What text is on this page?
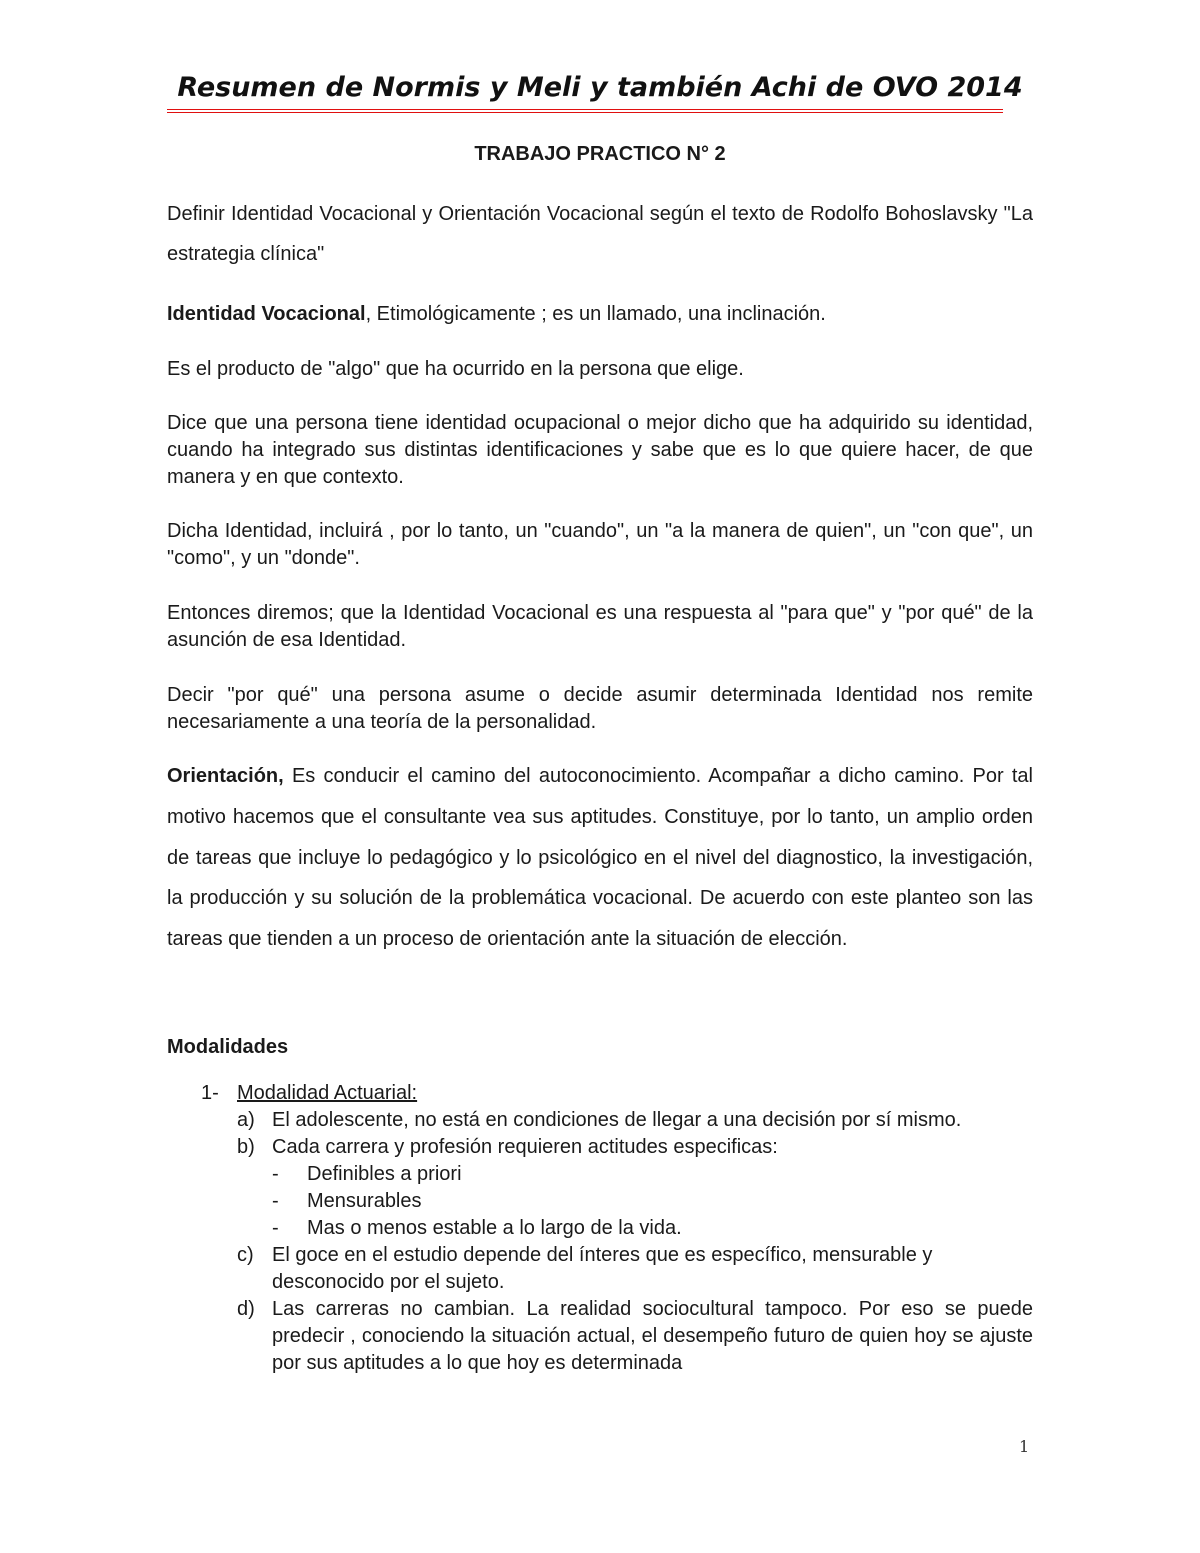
Resumen de Normis y Meli y también Achi de OVO 2014
TRABAJO PRACTICO N° 2

Definir Identidad Vocacional y Orientación Vocacional según el texto de Rodolfo Bohoslavsky "La estrategia clínica"

Identidad Vocacional, Etimológicamente ; es un llamado, una inclinación.

Es el producto de "algo" que ha ocurrido en la persona que elige.

Dice que una persona tiene identidad ocupacional o mejor dicho que ha adquirido su identidad, cuando ha integrado sus distintas identificaciones y sabe que es lo que quiere hacer, de que manera y en que contexto.

Dicha Identidad, incluirá , por lo tanto, un "cuando", un "a la manera de quien", un "con que", un "como", y un "donde".

Entonces diremos; que la Identidad Vocacional es una respuesta al "para que" y "por qué" de la asunción de esa Identidad.

Decir "por qué" una persona asume o decide asumir determinada Identidad nos remite necesariamente a una teoría de la personalidad.

Orientación, Es conducir el camino del autoconocimiento. Acompañar a dicho camino. Por tal motivo hacemos que el consultante vea sus aptitudes. Constituye, por lo tanto, un amplio orden de tareas que incluye lo pedagógico y lo psicológico en el nivel del diagnostico, la investigación, la producción y su solución de la problemática vocacional. De acuerdo con este planteo son las tareas que tienden a un proceso de orientación ante la situación de elección.

Modalidades
1- Modalidad Actuarial:
a) El adolescente, no está en condiciones de llegar a una decisión por sí mismo.
b) Cada carrera y profesión requieren actitudes especificas:
- Definibles a priori
- Mensurables
- Mas o menos estable a lo largo de la vida.
c) El goce en el estudio depende del ínteres que es específico, mensurable y desconocido por el sujeto.
d) Las carreras no cambian. La realidad sociocultural tampoco. Por eso se puede predecir , conociendo la situación actual, el desempeño futuro de quien hoy se ajuste por sus aptitudes a lo que hoy es determinada
1
